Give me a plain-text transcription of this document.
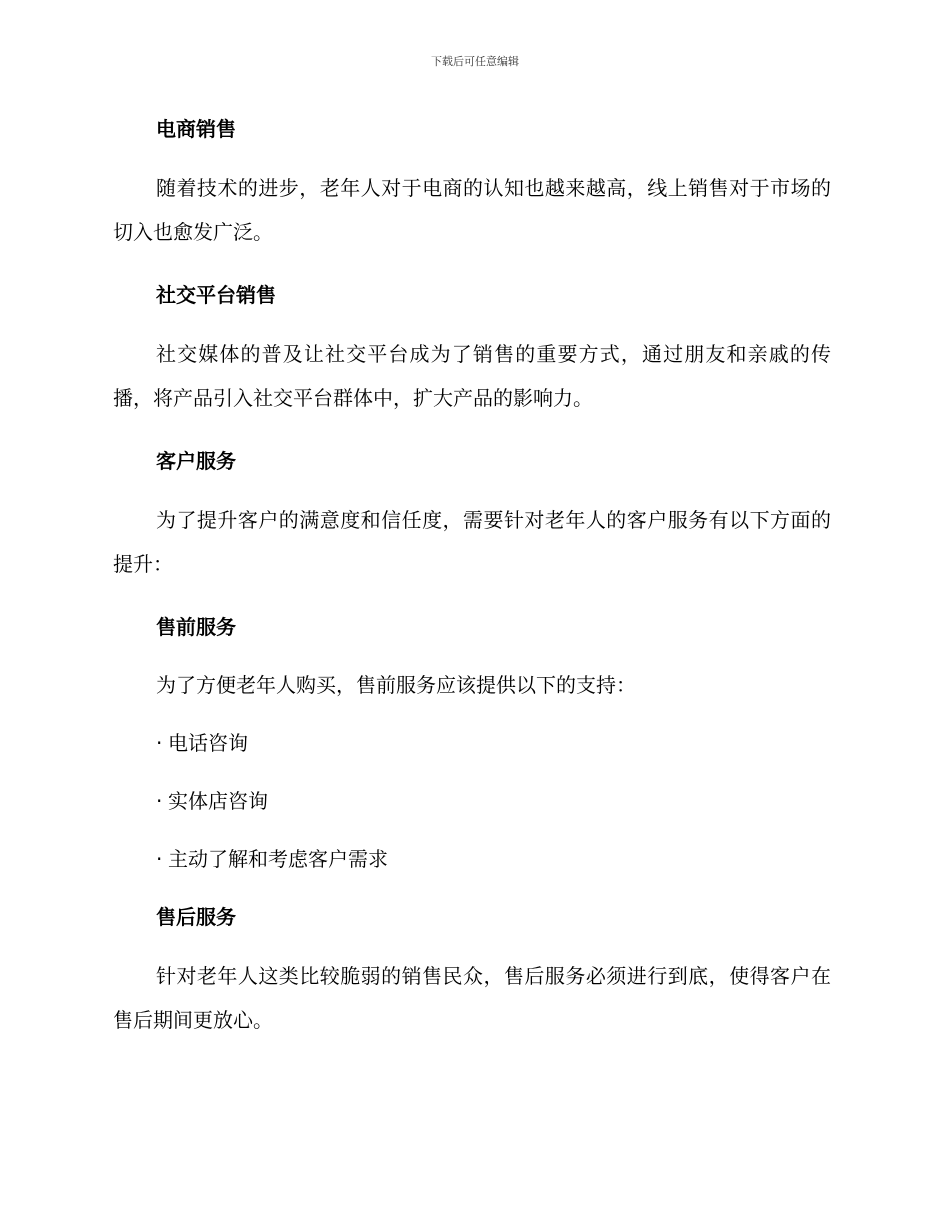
下载后可任意编辑
电商销售
随着技术的进步，老年人对于电商的认知也越来越高，线上销售对于市场的切入也愈发广泛。
社交平台销售
社交媒体的普及让社交平台成为了销售的重要方式，通过朋友和亲戚的传播，将产品引入社交平台群体中，扩大产品的影响力。
客户服务
为了提升客户的满意度和信任度，需要针对老年人的客户服务有以下方面的提升：
售前服务
为了方便老年人购买，售前服务应该提供以下的支持：
· 电话咨询
· 实体店咨询
· 主动了解和考虑客户需求
售后服务
针对老年人这类比较脆弱的销售民众，售后服务必须进行到底，使得客户在售后期间更放心。
